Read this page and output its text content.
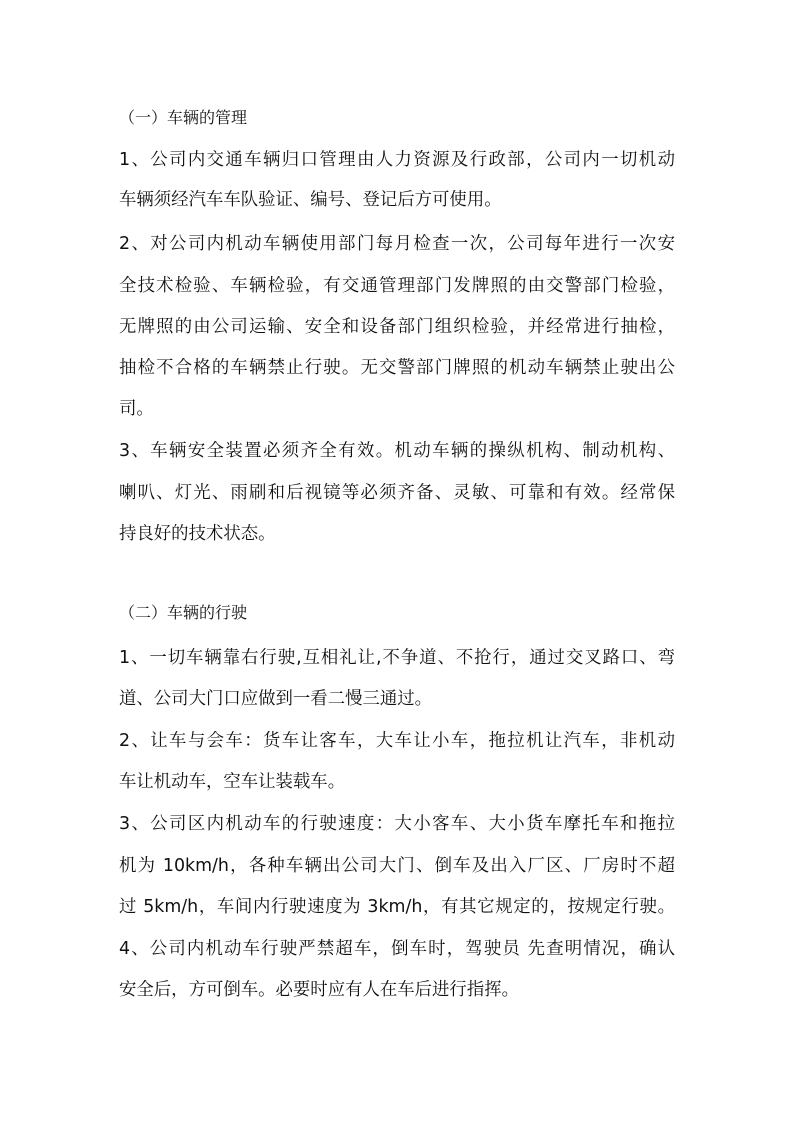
（一）车辆的管理
1、公司内交通车辆归口管理由人力资源及行政部，公司内一切机动
车辆须经汽车车队验证、编号、登记后方可使用。
2、对公司内机动车辆使用部门每月检查一次，公司每年进行一次安
全技术检验、车辆检验，有交通管理部门发牌照的由交警部门检验，
无牌照的由公司运输、安全和设备部门组织检验，并经常进行抽检，
抽检不合格的车辆禁止行驶。无交警部门牌照的机动车辆禁止驶出公
司。
3、车辆安全装置必须齐全有效。机动车辆的操纵机构、制动机构、
喇叭、灯光、雨刷和后视镜等必须齐备、灵敏、可靠和有效。经常保
持良好的技术状态。
（二）车辆的行驶
1、一切车辆靠右行驶,互相礼让,不争道、不抢行，通过交叉路口、弯
道、公司大门口应做到一看二慢三通过。
2、让车与会车：货车让客车，大车让小车，拖拉机让汽车，非机动
车让机动车，空车让装载车。
3、公司区内机动车的行驶速度：大小客车、大小货车摩托车和拖拉
机为 10km/h，各种车辆出公司大门、倒车及出入厂区、厂房时不超
过 5km/h，车间内行驶速度为 3km/h，有其它规定的，按规定行驶。
4、公司内机动车行驶严禁超车，倒车时，驾驶员 先查明情况，确认
安全后，方可倒车。必要时应有人在车后进行指挥。
